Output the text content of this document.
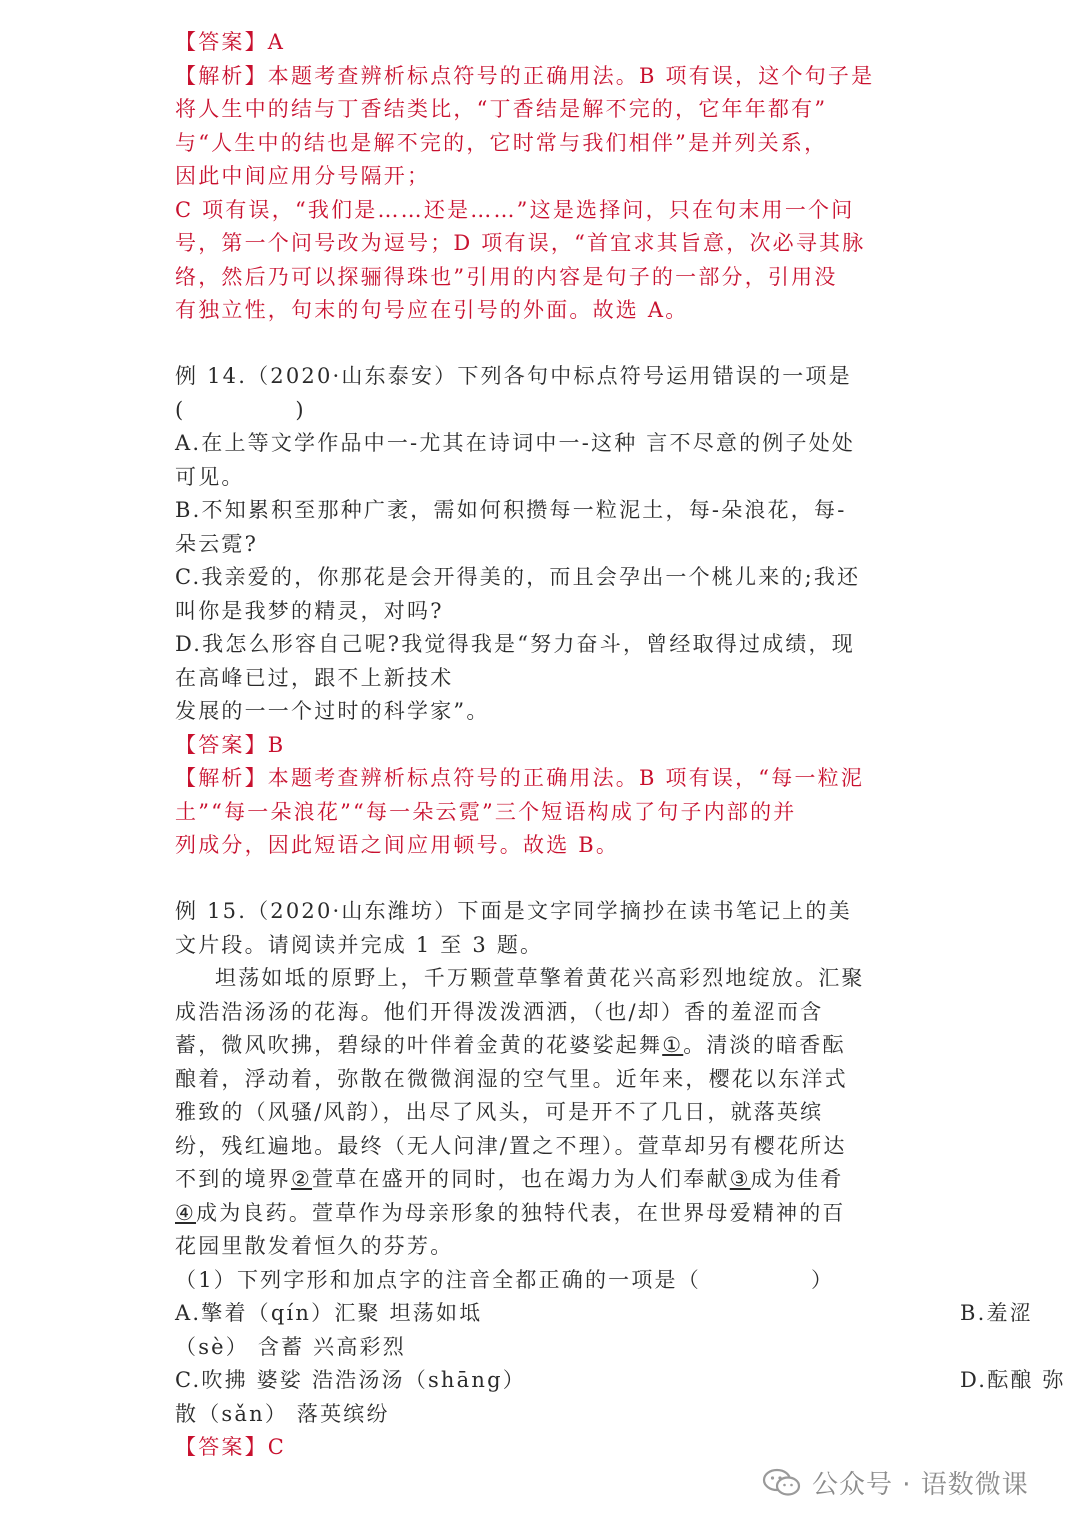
【答案】A
【解析】本题考查辨析标点符号的正确用法。B 项有误，这个句子是
将人生中的结与丁香结类比，“丁香结是解不完的，它年年都有”
与“人生中的结也是解不完的，它时常与我们相伴”是并列关系，
因此中间应用分号隔开；
C 项有误，“我们是……还是……”这是选择问，只在句末用一个问
号，第一个问号改为逗号；D 项有误，“首宜求其旨意，次必寻其脉
络，然后乃可以探骊得珠也”引用的内容是句子的一部分，引用没
有独立性，句末的句号应在引号的外面。故选 A。
例 14.（2020·山东泰安）下列各句中标点符号运用错误的一项是
(	)
A.在上等文学作品中一-尤其在诗词中一-这种 言不尽意的例子处处
可见。
B.不知累积至那种广袤，需如何积攒每一粒泥土，每-朵浪花，每-
朵云霓?
C.我亲爱的，你那花是会开得美的，而且会孕出一个桃儿来的;我还
叫你是我梦的精灵，对吗?
D.我怎么形容自己呢?我觉得我是“努力奋斗，曾经取得过成绩，现
在高峰已过，跟不上新技术
发展的一一个过时的科学家”。
【答案】B
【解析】本题考查辨析标点符号的正确用法。B 项有误，“每一粒泥
土”“每一朵浪花”“每一朵云霓”三个短语构成了句子内部的并
列成分，因此短语之间应用顿号。故选 B。
例 15.（2020·山东潍坊）下面是文字同学摘抄在读书笔记上的美
文片段。请阅读并完成 1 至 3 题。
坦荡如坻的原野上，千万颗萱草擎着黄花兴高彩烈地绽放。汇聚
成浩浩汤汤的花海。他们开得泼泼洒洒，（也/却）香的羞涩而含
蓄，微风吹拂，碧绿的叶伴着金黄的花婆娑起舞①。清淡的暗香酝
酿着，浮动着，弥散在微微润湿的空气里。近年来，樱花以东洋式
雅致的（风骚/风韵），出尽了风头，可是开不了几日，就落英缤
纷，残红遍地。最终（无人问津/置之不理）。萱草却另有樱花所达
不到的境界②萱草在盛开的同时，也在竭力为人们奉献③成为佳肴
④成为良药。萱草作为母亲形象的独特代表，在世界母爱精神的百
花园里散发着恒久的芬芳。
（1）下列字形和加点字的注音全都正确的一项是（	）
A.擎着（qín）汇聚 坦荡如坻	B.羞涩
（sè） 含蓄 兴高彩烈
C.吹拂 婆娑 浩浩汤汤（shāng）	D.酝酿 弥
散（sǎn） 落英缤纷
【答案】C
公众号 · 语数微课
